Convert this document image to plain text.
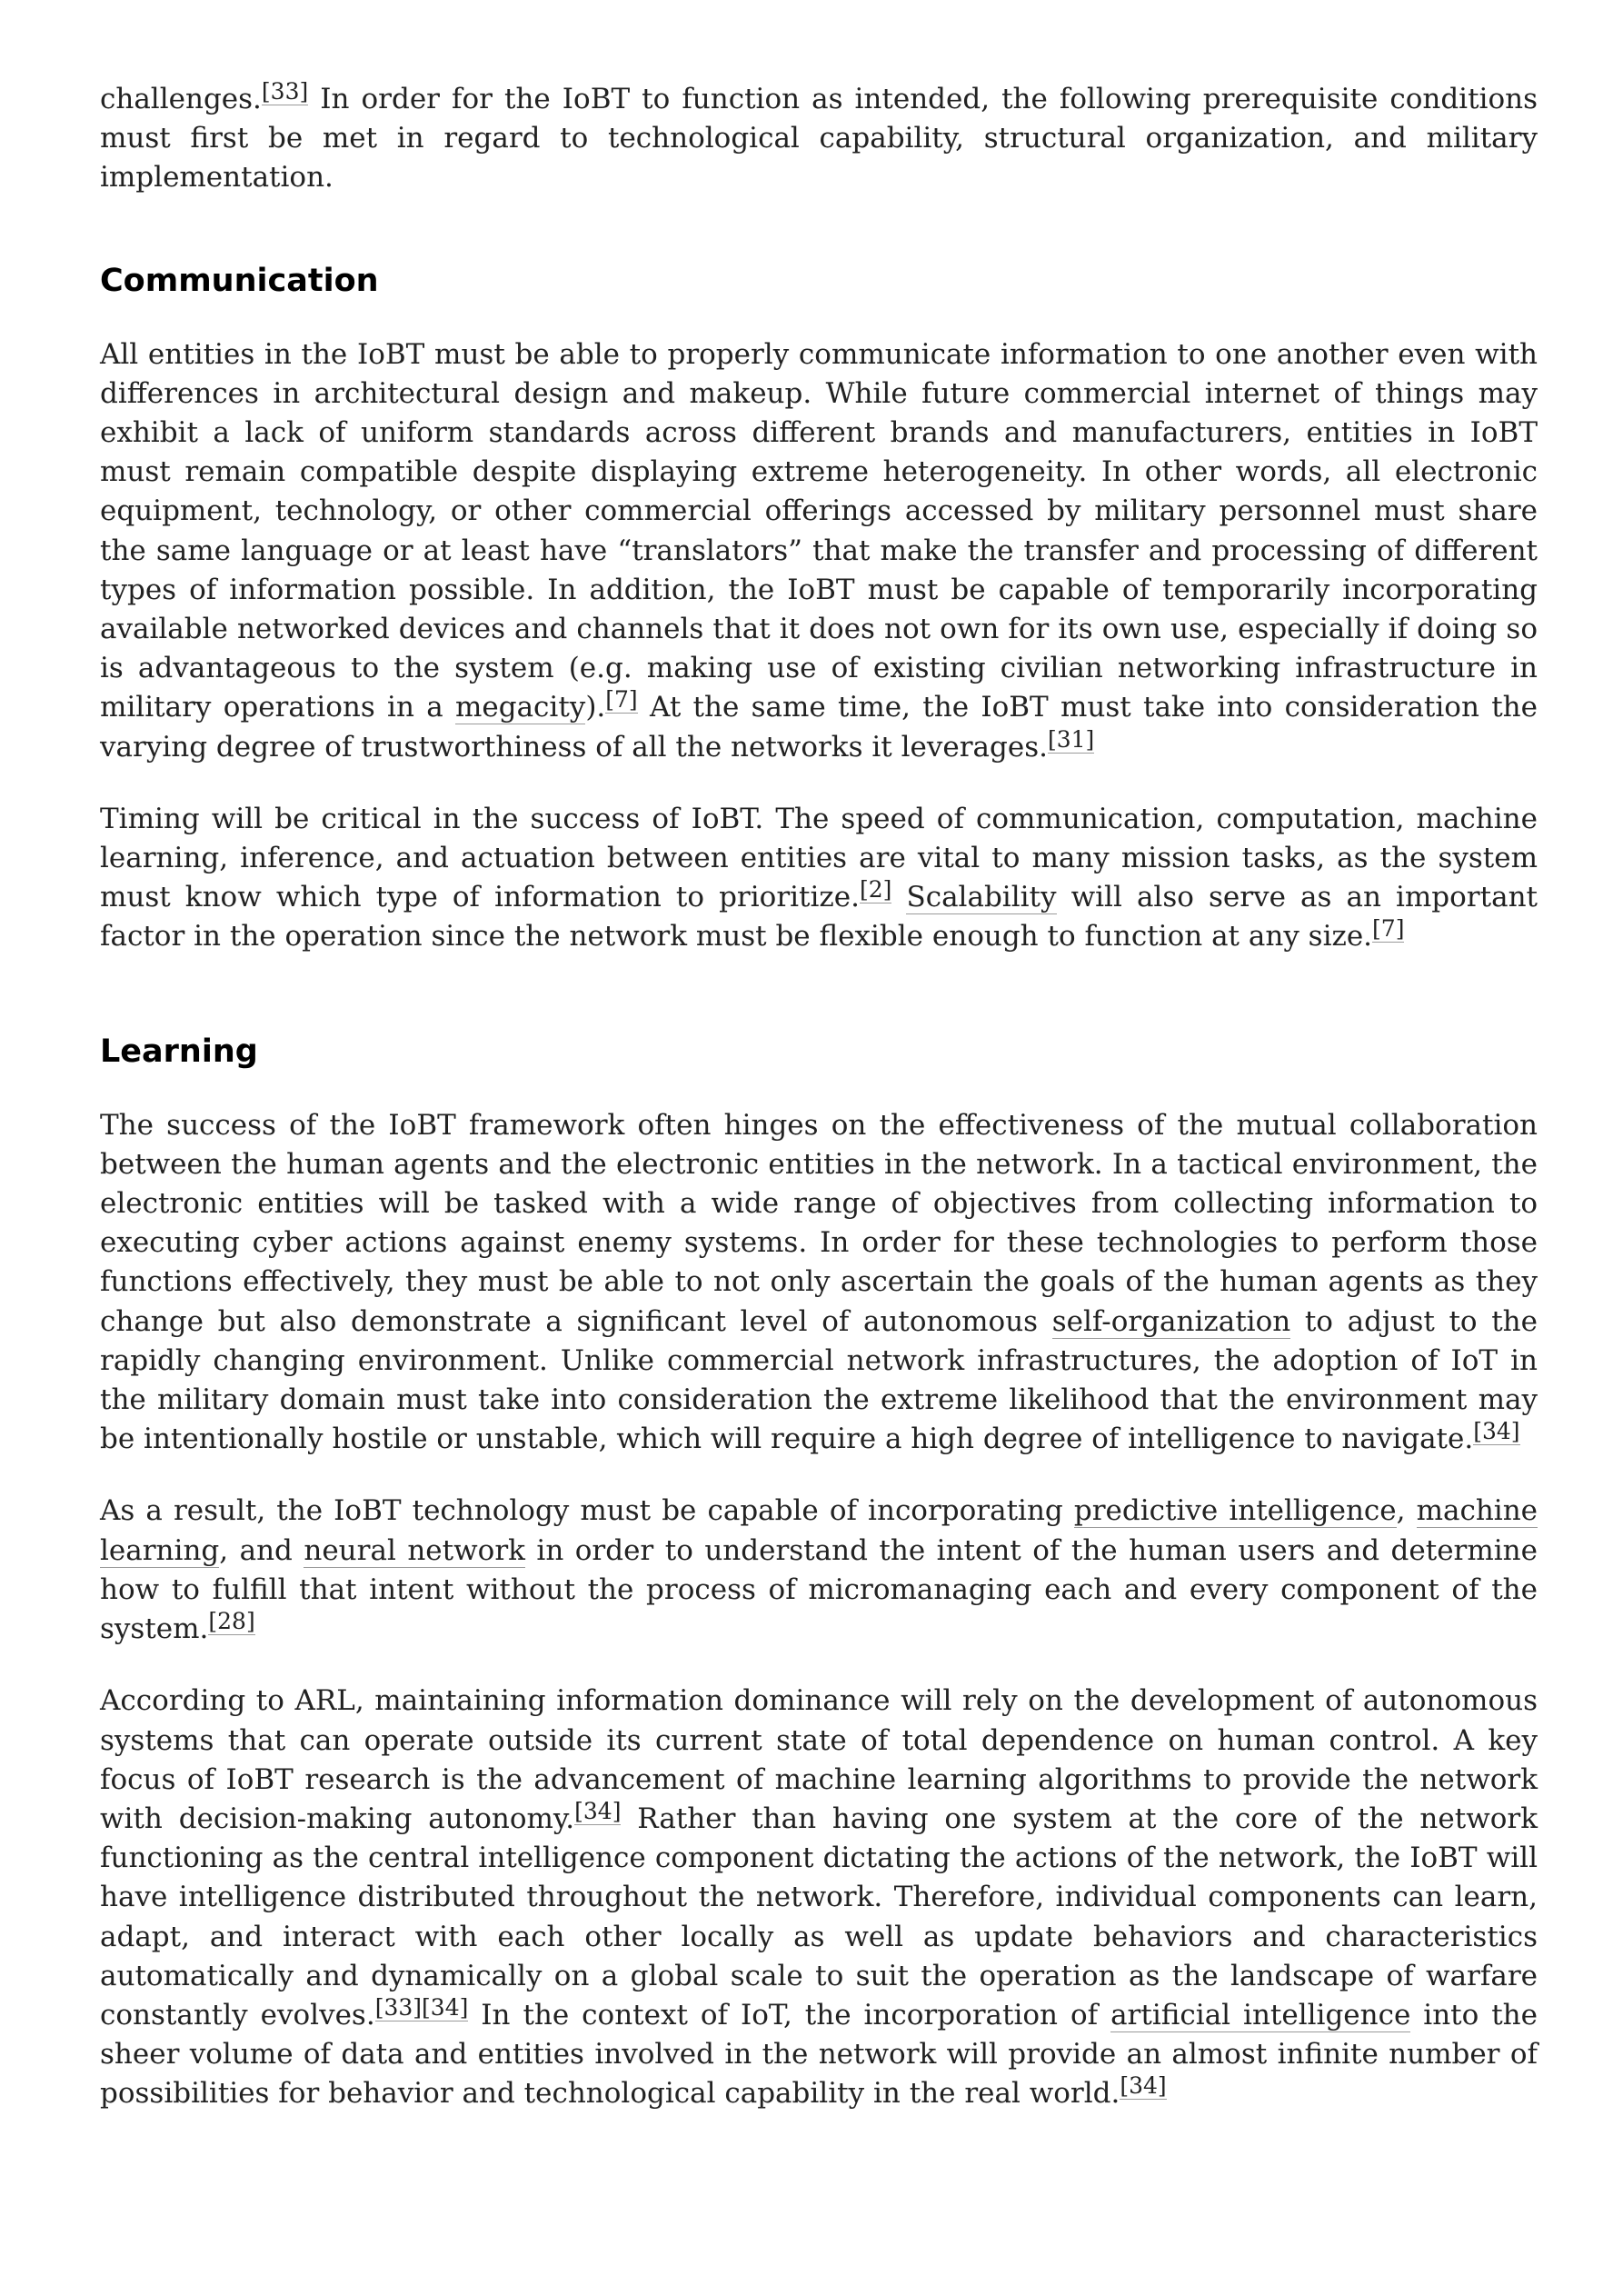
challenges.[33] In order for the IoBT to function as intended, the following prerequisite conditions must first be met in regard to technological capability, structural organization, and military implementation.

Communication

All entities in the IoBT must be able to properly communicate information to one another even with differences in architectural design and makeup. While future commercial internet of things may exhibit a lack of uniform standards across different brands and manufacturers, entities in IoBT must remain compatible despite displaying extreme heterogeneity. In other words, all electronic equipment, technology, or other commercial offerings accessed by military personnel must share the same language or at least have “translators” that make the transfer and processing of different types of information possible. In addition, the IoBT must be capable of temporarily incorporating available networked devices and channels that it does not own for its own use, especially if doing so is advantageous to the system (e.g. making use of existing civilian networking infrastructure in military operations in a megacity).[7] At the same time, the IoBT must take into consideration the varying degree of trustworthiness of all the networks it leverages.[31]

Timing will be critical in the success of IoBT. The speed of communication, computation, machine learning, inference, and actuation between entities are vital to many mission tasks, as the system must know which type of information to prioritize.[2] Scalability will also serve as an important factor in the operation since the network must be flexible enough to function at any size.[7]

Learning

The success of the IoBT framework often hinges on the effectiveness of the mutual collaboration between the human agents and the electronic entities in the network. In a tactical environment, the electronic entities will be tasked with a wide range of objectives from collecting information to executing cyber actions against enemy systems. In order for these technologies to perform those functions effectively, they must be able to not only ascertain the goals of the human agents as they change but also demonstrate a significant level of autonomous self-organization to adjust to the rapidly changing environment. Unlike commercial network infrastructures, the adoption of IoT in the military domain must take into consideration the extreme likelihood that the environment may be intentionally hostile or unstable, which will require a high degree of intelligence to navigate.[34]

As a result, the IoBT technology must be capable of incorporating predictive intelligence, machine learning, and neural network in order to understand the intent of the human users and determine how to fulfill that intent without the process of micromanaging each and every component of the system.[28]

According to ARL, maintaining information dominance will rely on the development of autonomous systems that can operate outside its current state of total dependence on human control. A key focus of IoBT research is the advancement of machine learning algorithms to provide the network with decision-making autonomy.[34] Rather than having one system at the core of the network functioning as the central intelligence component dictating the actions of the network, the IoBT will have intelligence distributed throughout the network. Therefore, individual components can learn, adapt, and interact with each other locally as well as update behaviors and characteristics automatically and dynamically on a global scale to suit the operation as the landscape of warfare constantly evolves.[33][34] In the context of IoT, the incorporation of artificial intelligence into the sheer volume of data and entities involved in the network will provide an almost infinite number of possibilities for behavior and technological capability in the real world.[34]
